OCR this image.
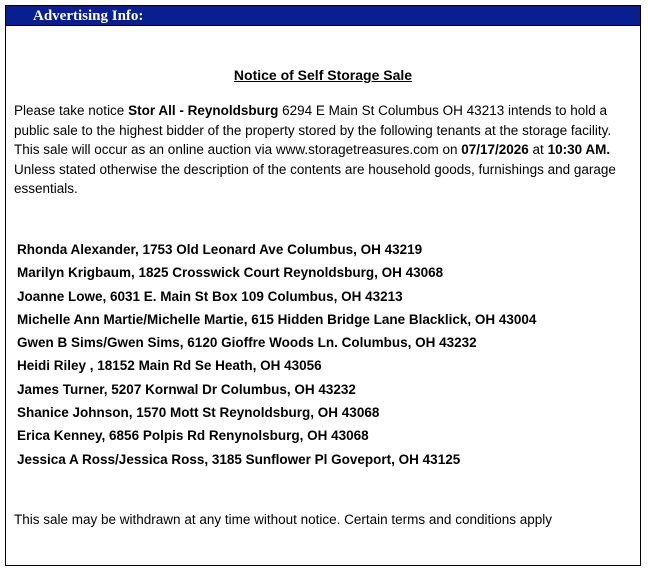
Advertising Info:
Notice of Self Storage Sale

Please take notice Stor All - Reynoldsburg 6294 E Main St Columbus OH 43213 intends to hold a public sale to the highest bidder of the property stored by the following tenants at the storage facility. This sale will occur as an online auction via www.storagetreasures.com on 07/17/2026 at 10:30 AM. Unless stated otherwise the description of the contents are household goods, furnishings and garage essentials.

Rhonda Alexander, 1753 Old Leonard Ave Columbus, OH 43219
Marilyn Krigbaum, 1825 Crosswick Court Reynoldsburg, OH 43068
Joanne Lowe, 6031 E. Main St Box 109 Columbus, OH 43213
Michelle Ann Martie/Michelle Martie, 615 Hidden Bridge Lane Blacklick, OH 43004
Gwen B Sims/Gwen Sims, 6120 Gioffre Woods Ln. Columbus, OH 43232
Heidi Riley , 18152 Main Rd Se Heath, OH 43056
James Turner, 5207 Kornwal Dr Columbus, OH 43232
Shanice Johnson, 1570 Mott St Reynoldsburg, OH 43068
Erica Kenney, 6856 Polpis Rd Renynolsburg, OH 43068
Jessica A Ross/Jessica Ross, 3185 Sunflower Pl Goveport, OH 43125
This sale may be withdrawn at any time without notice. Certain terms and conditions apply
